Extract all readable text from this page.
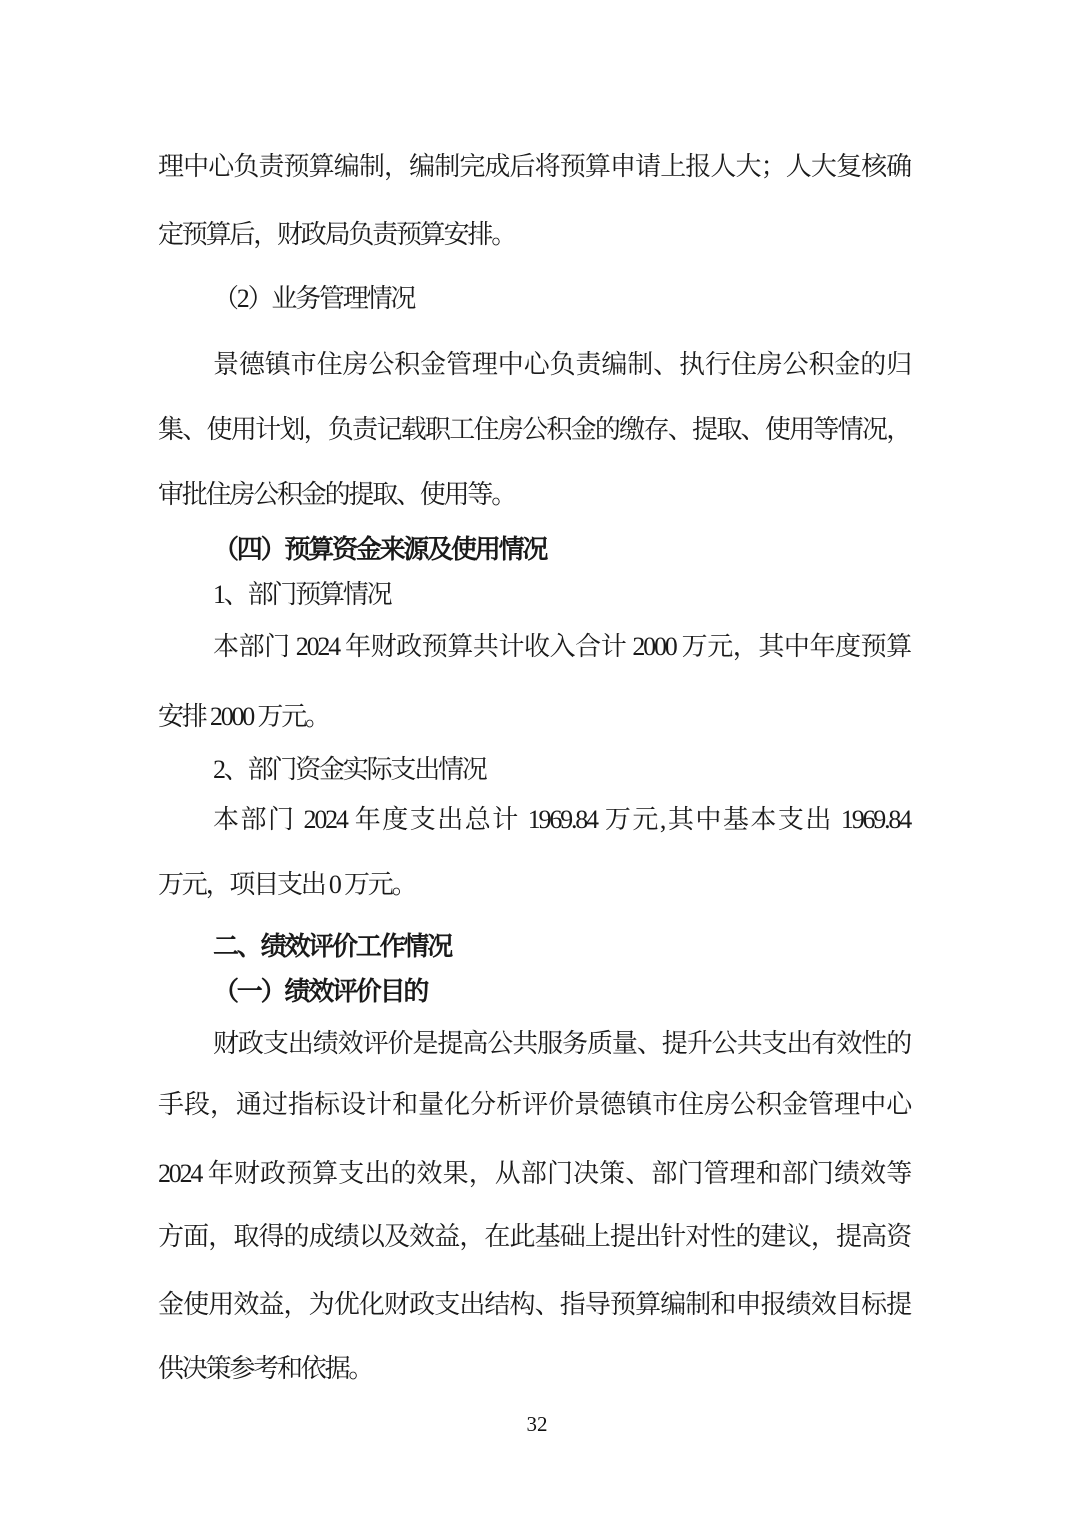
理中心负责预算编制，编制完成后将预算申请上报人大；人大复核确
定预算后，财政局负责预算安排。
（2）业务管理情况
景德镇市住房公积金管理中心负责编制、执行住房公积金的归
集、使用计划，负责记载职工住房公积金的缴存、提取、使用等情况，
审批住房公积金的提取、使用等。
（四）预算资金来源及使用情况
1、部门预算情况
本部门 2024 年财政预算共计收入合计 2000 万元，其中年度预算
安排 2000 万元。
2、部门资金实际支出情况
本部门 2024 年度支出总计 1969.84 万元,其中基本支出 1969.84
万元，项目支出 0 万元。
二、绩效评价工作情况
（一）绩效评价目的
财政支出绩效评价是提高公共服务质量、提升公共支出有效性的
手段，通过指标设计和量化分析评价景德镇市住房公积金管理中心
2024 年财政预算支出的效果，从部门决策、部门管理和部门绩效等
方面，取得的成绩以及效益，在此基础上提出针对性的建议，提高资
金使用效益，为优化财政支出结构、指导预算编制和申报绩效目标提
供决策参考和依据。
32
